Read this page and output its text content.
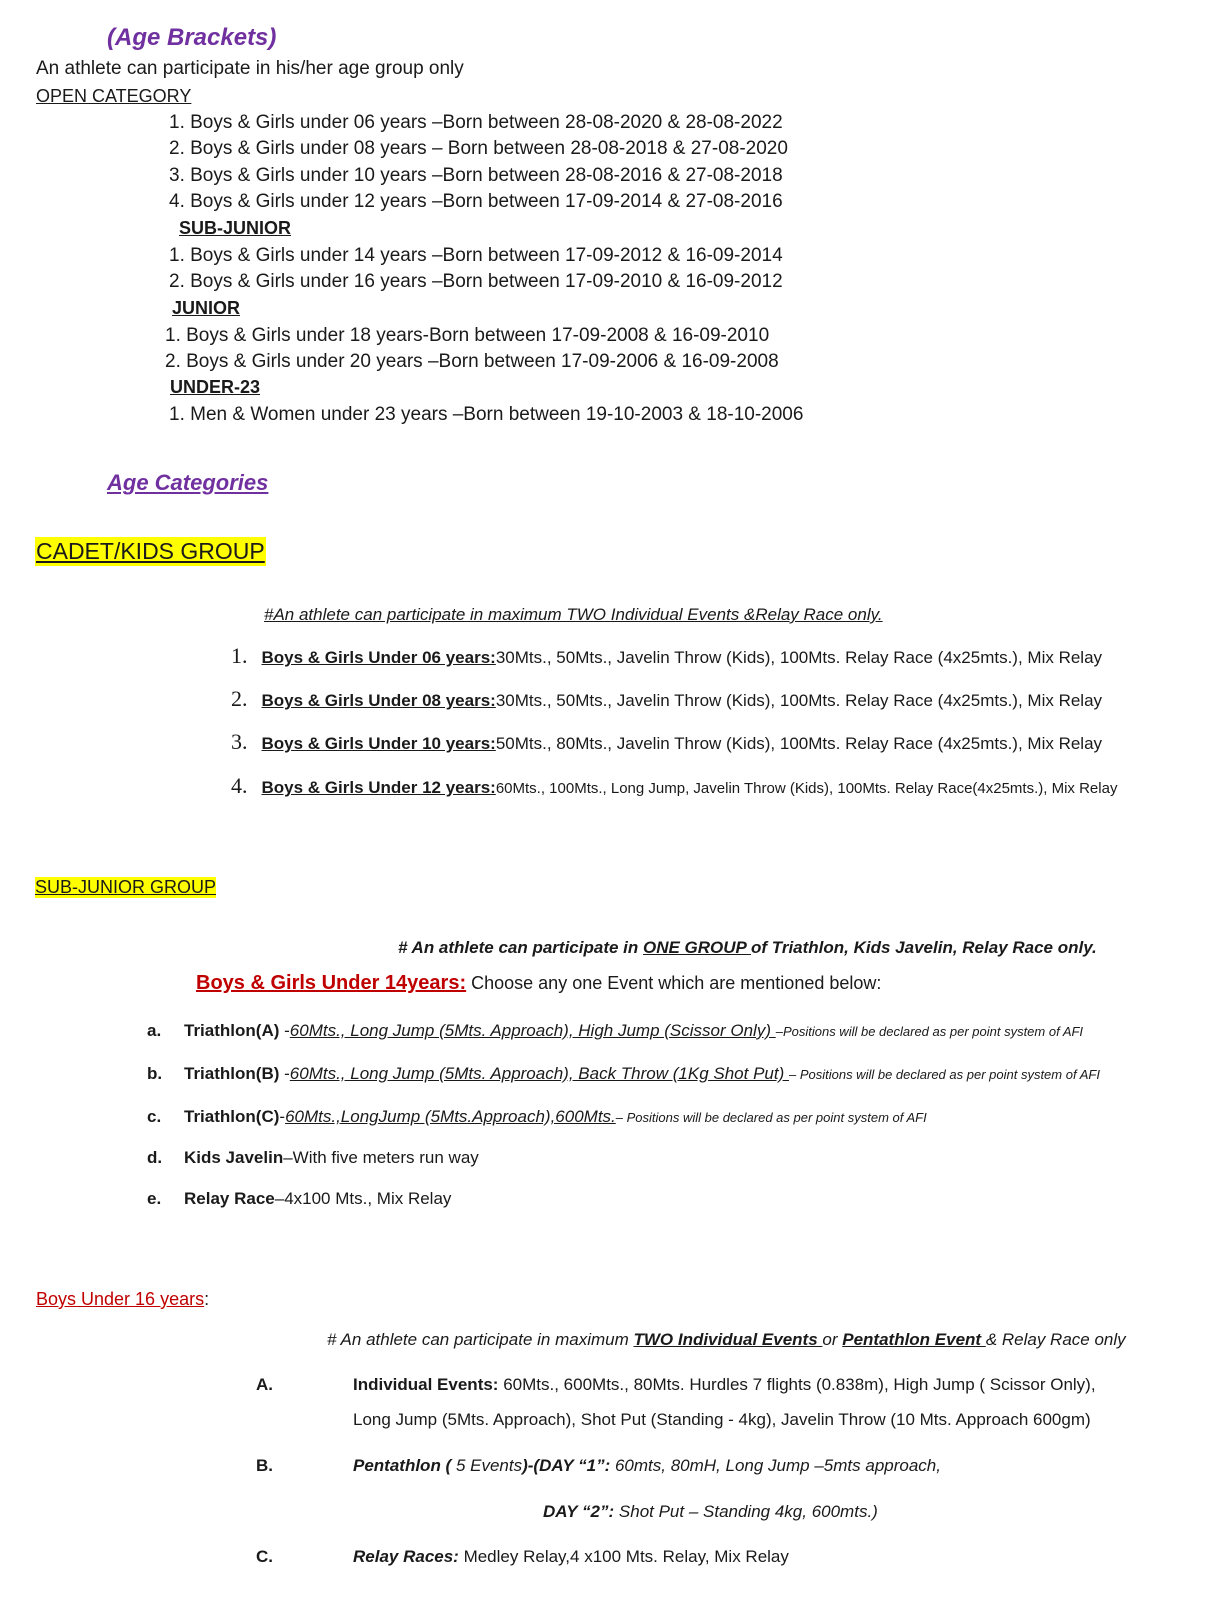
(Age Brackets)
An athlete can participate in his/her age group only
OPEN CATEGORY
1. Boys & Girls under 06 years –Born between 28-08-2020 & 28-08-2022
2. Boys & Girls under 08 years – Born between 28-08-2018 & 27-08-2020
3. Boys & Girls under 10 years –Born between 28-08-2016 & 27-08-2018
4. Boys & Girls under 12 years –Born between 17-09-2014 & 27-08-2016
SUB-JUNIOR
1. Boys & Girls under 14 years –Born between 17-09-2012 & 16-09-2014
2. Boys & Girls under 16 years –Born between 17-09-2010 & 16-09-2012
JUNIOR
1. Boys & Girls under 18 years-Born between 17-09-2008 & 16-09-2010
2. Boys & Girls under 20 years –Born between 17-09-2006 & 16-09-2008
UNDER-23
1. Men & Women under 23 years –Born between 19-10-2003 & 18-10-2006
Age Categories
CADET/KIDS GROUP
#An athlete can participate in maximum TWO Individual Events &Relay Race only.
1. Boys & Girls Under 06 years:30Mts., 50Mts., Javelin Throw (Kids), 100Mts. Relay Race (4x25mts.), Mix Relay
2. Boys & Girls Under 08 years:30Mts., 50Mts., Javelin Throw (Kids), 100Mts. Relay Race (4x25mts.), Mix Relay
3. Boys & Girls Under 10 years:50Mts., 80Mts., Javelin Throw (Kids), 100Mts. Relay Race (4x25mts.), Mix Relay
4. Boys & Girls Under 12 years:60Mts., 100Mts., Long Jump, Javelin Throw (Kids), 100Mts. Relay Race(4x25mts.), Mix Relay
SUB-JUNIOR GROUP
# An athlete can participate in ONE GROUP of Triathlon, Kids Javelin, Relay Race only.
Boys & Girls Under 14years: Choose any one Event which are mentioned below:
a. Triathlon(A) -60Mts., Long Jump (5Mts. Approach), High Jump (Scissor Only) –Positions will be declared as per point system of AFI
b. Triathlon(B) -60Mts., Long Jump (5Mts. Approach), Back Throw (1Kg Shot Put) – Positions will be declared as per point system of AFI
c. Triathlon(C)-60Mts.,LongJump (5Mts.Approach),600Mts.– Positions will be declared as per point system of AFI
d. Kids Javelin–With five meters run way
e. Relay Race–4x100 Mts., Mix Relay
Boys Under 16 years:
# An athlete can participate in maximum TWO Individual Events or Pentathlon Event & Relay Race only
A.	Individual Events: 60Mts., 600Mts., 80Mts. Hurdles 7 flights (0.838m), High Jump ( Scissor Only),
Long Jump (5Mts. Approach), Shot Put (Standing - 4kg), Javelin Throw (10 Mts. Approach 600gm)
B.	Pentathlon ( 5 Events)-(DAY “1”: 60mts, 80mH, Long Jump –5mts approach,
DAY “2”: Shot Put – Standing 4kg, 600mts.)
C.	Relay Races: Medley Relay,4 x100 Mts. Relay, Mix Relay
